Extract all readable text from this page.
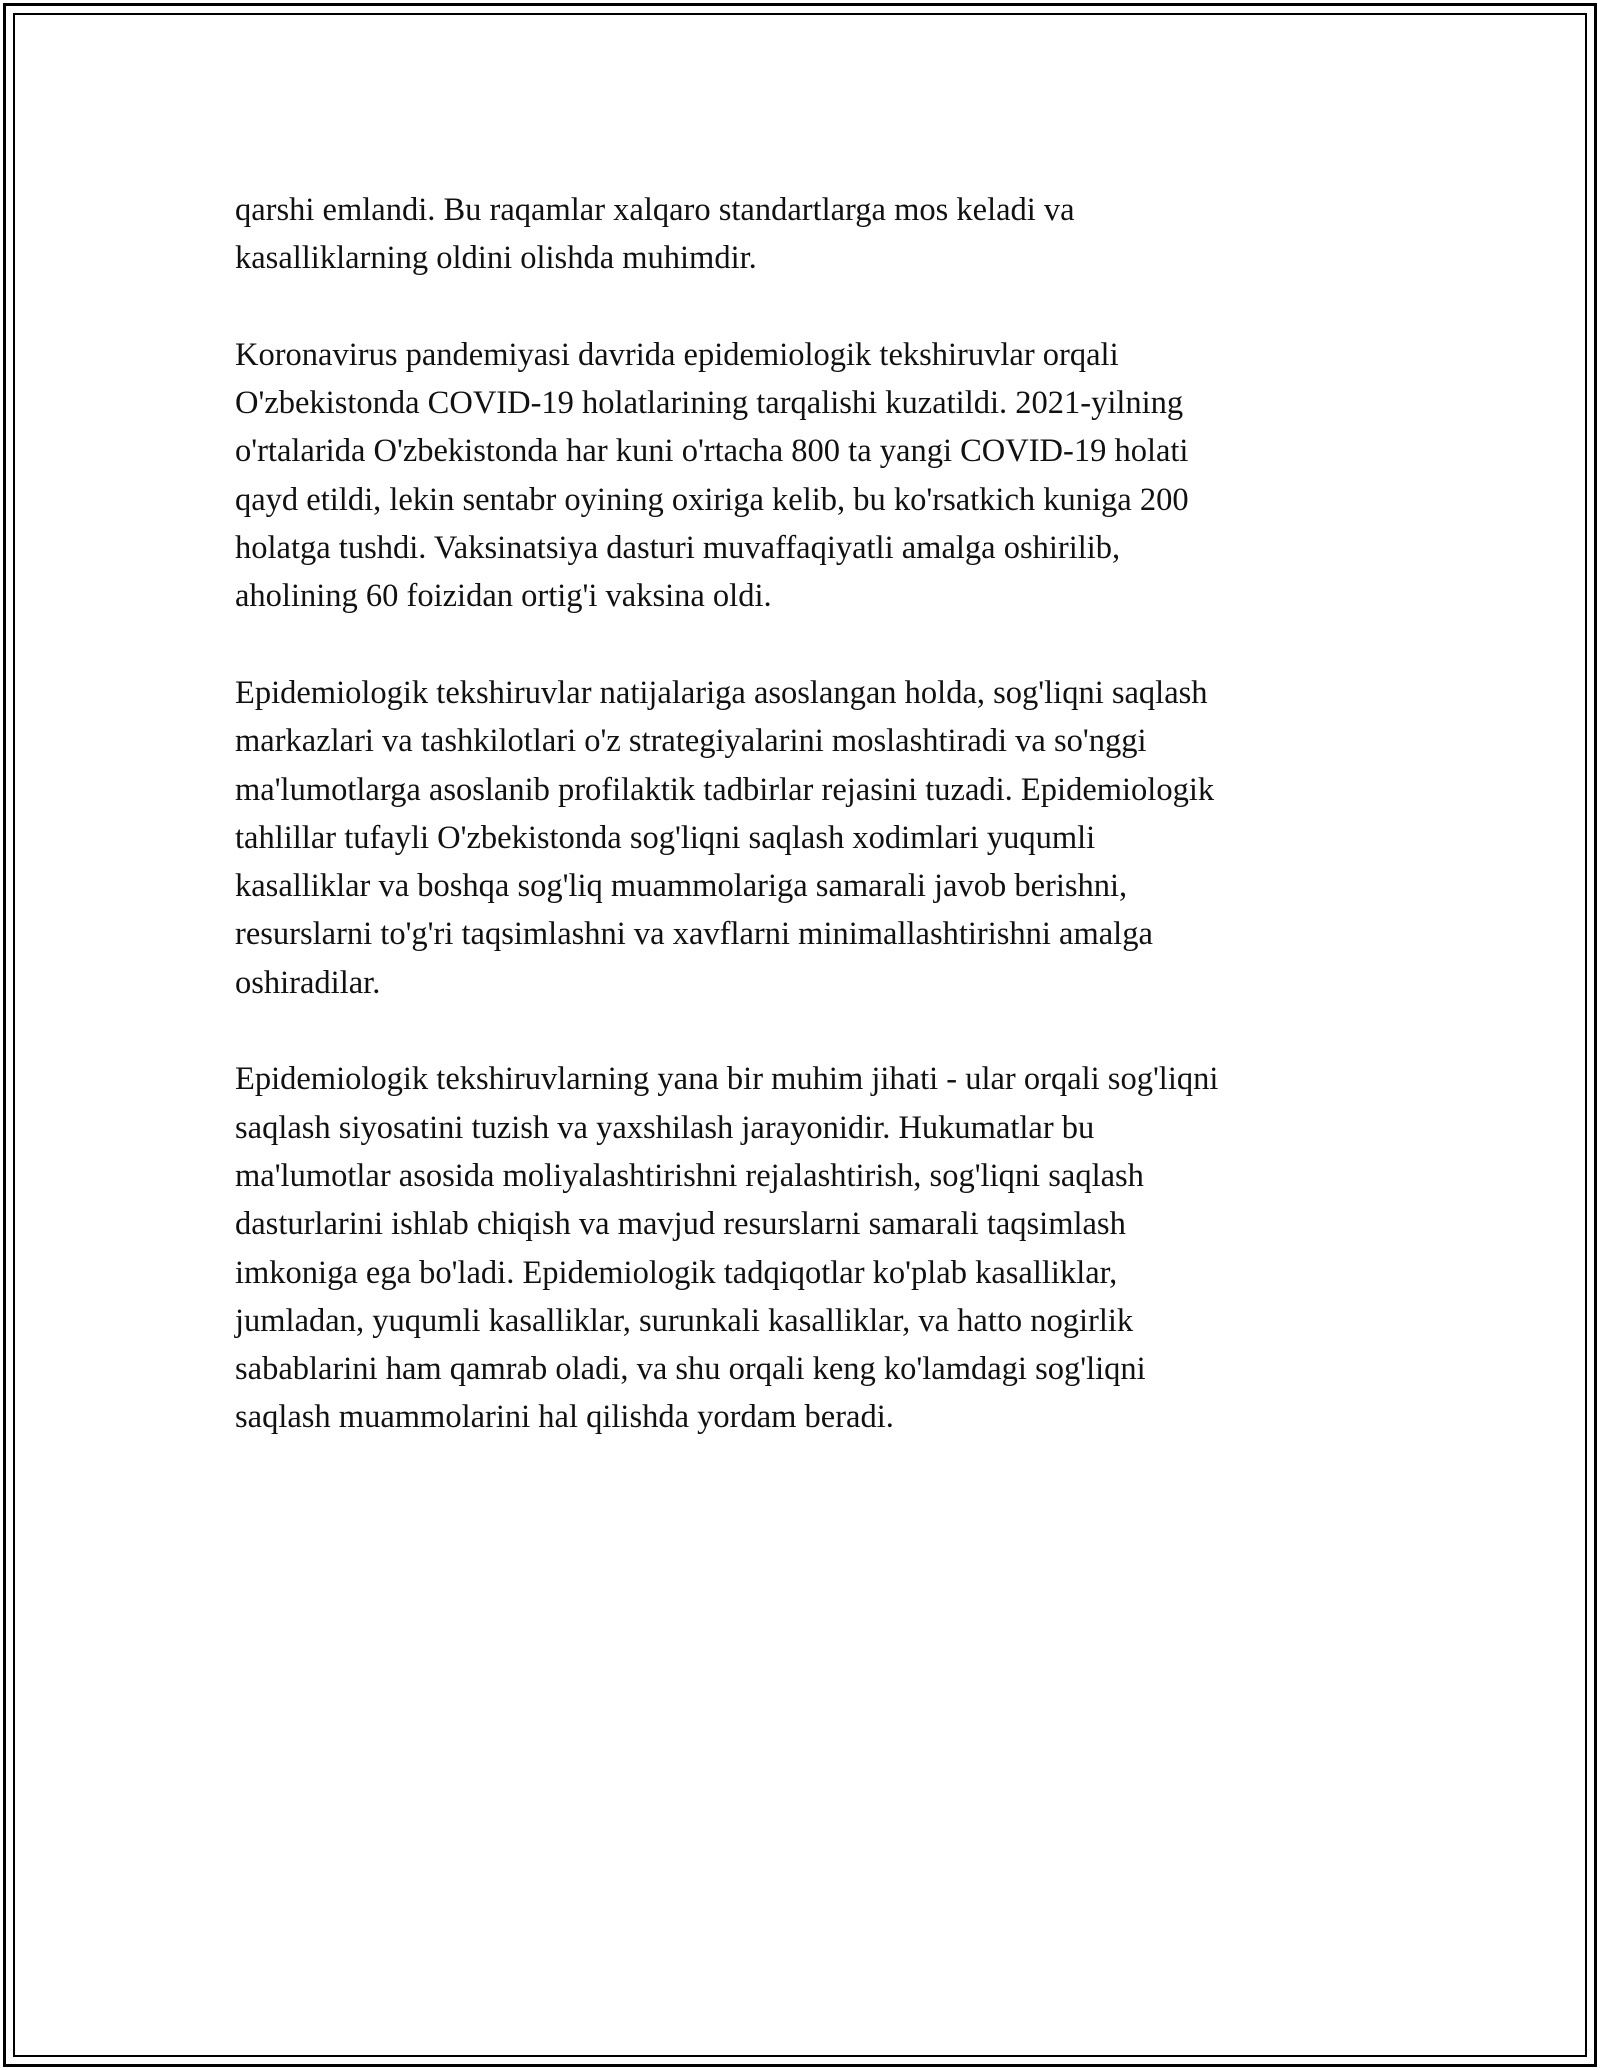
qarshi emlandi. Bu raqamlar xalqaro standartlarga mos keladi va
kasalliklarning oldini olishda muhimdir.

Koronavirus pandemiyasi davrida epidemiologik tekshiruvlar orqali
O'zbekistonda COVID-19 holatlarining tarqalishi kuzatildi. 2021-yilning
o'rtalarida O'zbekistonda har kuni o'rtacha 800 ta yangi COVID-19 holati
qayd etildi, lekin sentabr oyining oxiriga kelib, bu ko'rsatkich kuniga 200
holatga tushdi. Vaksinatsiya dasturi muvaffaqiyatli amalga oshirilib,
aholining 60 foizidan ortig'i vaksina oldi.

Epidemiologik tekshiruvlar natijalariga asoslangan holda, sog'liqni saqlash
markazlari va tashkilotlari o'z strategiyalarini moslashtiradi va so'nggi
ma'lumotlarga asoslanib profilaktik tadbirlar rejasini tuzadi. Epidemiologik
tahlillar tufayli O'zbekistonda sog'liqni saqlash xodimlari yuqumli
kasalliklar va boshqa sog'liq muammolariga samarali javob berishni,
resurslarni to'g'ri taqsimlashni va xavflarni minimallashtirishni amalga
oshiradilar.

Epidemiologik tekshiruvlarning yana bir muhim jihati - ular orqali sog'liqni
saqlash siyosatini tuzish va yaxshilash jarayonidir. Hukumatlar bu
ma'lumotlar asosida moliyalashtirishni rejalashtirish, sog'liqni saqlash
dasturlarini ishlab chiqish va mavjud resurslarni samarali taqsimlash
imkoniga ega bo'ladi. Epidemiologik tadqiqotlar ko'plab kasalliklar,
jumladan, yuqumli kasalliklar, surunkali kasalliklar, va hatto nogirlik
sabablarini ham qamrab oladi, va shu orqali keng ko'lamdagi sog'liqni
saqlash muammolarini hal qilishda yordam beradi.
